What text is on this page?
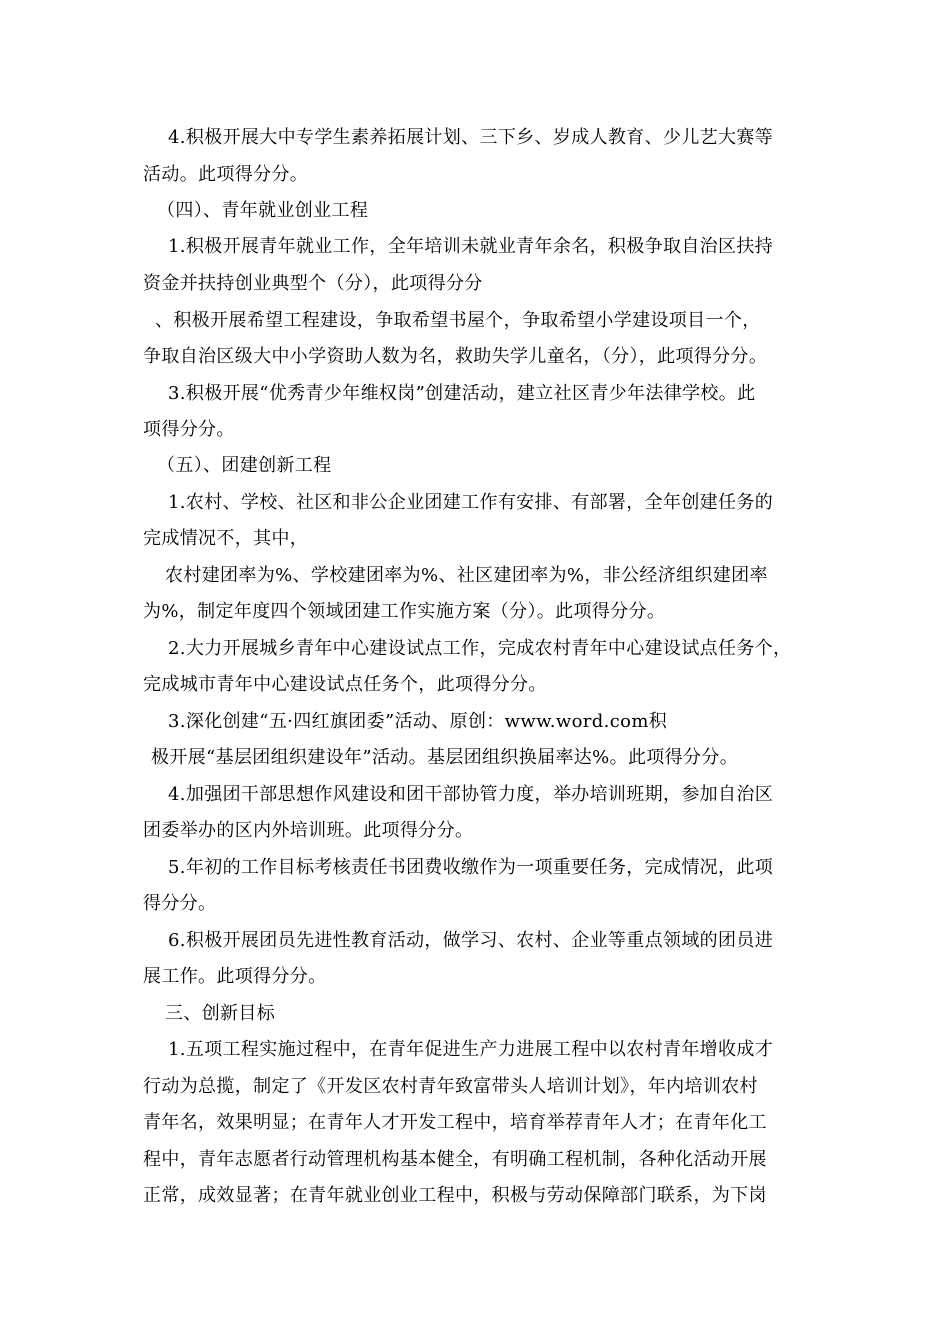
4.积极开展大中专学生素养拓展计划、三下乡、岁成人教育、少儿艺大赛等
活动。此项得分分。
（四）、青年就业创业工程
1.积极开展青年就业工作，全年培训未就业青年余名，积极争取自治区扶持
资金并扶持创业典型个（分），此项得分分
、积极开展希望工程建设，争取希望书屋个，争取希望小学建设项目一个，
争取自治区级大中小学资助人数为名，救助失学儿童名，（分），此项得分分。
3.积极开展“优秀青少年维权岗”创建活动，建立社区青少年法律学校。此
项得分分。
（五）、团建创新工程
1.农村、学校、社区和非公企业团建工作有安排、有部署，全年创建任务的
完成情况不，其中，
农村建团率为%、学校建团率为%、社区建团率为%，非公经济组织建团率
为%，制定年度四个领域团建工作实施方案（分）。此项得分分。
2.大力开展城乡青年中心建设试点工作，完成农村青年中心建设试点任务个，
完成城市青年中心建设试点任务个，此项得分分。
3.深化创建“五·四红旗团委”活动、原创：www.word.com积
极开展“基层团组织建设年”活动。基层团组织换届率达%。此项得分分。
4.加强团干部思想作风建设和团干部协管力度，举办培训班期，参加自治区
团委举办的区内外培训班。此项得分分。
5.年初的工作目标考核责任书团费收缴作为一项重要任务，完成情况，此项
得分分。
6.积极开展团员先进性教育活动，做学习、农村、企业等重点领域的团员进
展工作。此项得分分。
三、创新目标
1.五项工程实施过程中，在青年促进生产力进展工程中以农村青年增收成才
行动为总揽，制定了《开发区农村青年致富带头人培训计划》，年内培训农村
青年名，效果明显；在青年人才开发工程中，培育举荐青年人才；在青年化工
程中，青年志愿者行动管理机构基本健全，有明确工程机制，各种化活动开展
正常，成效显著；在青年就业创业工程中，积极与劳动保障部门联系，为下岗
